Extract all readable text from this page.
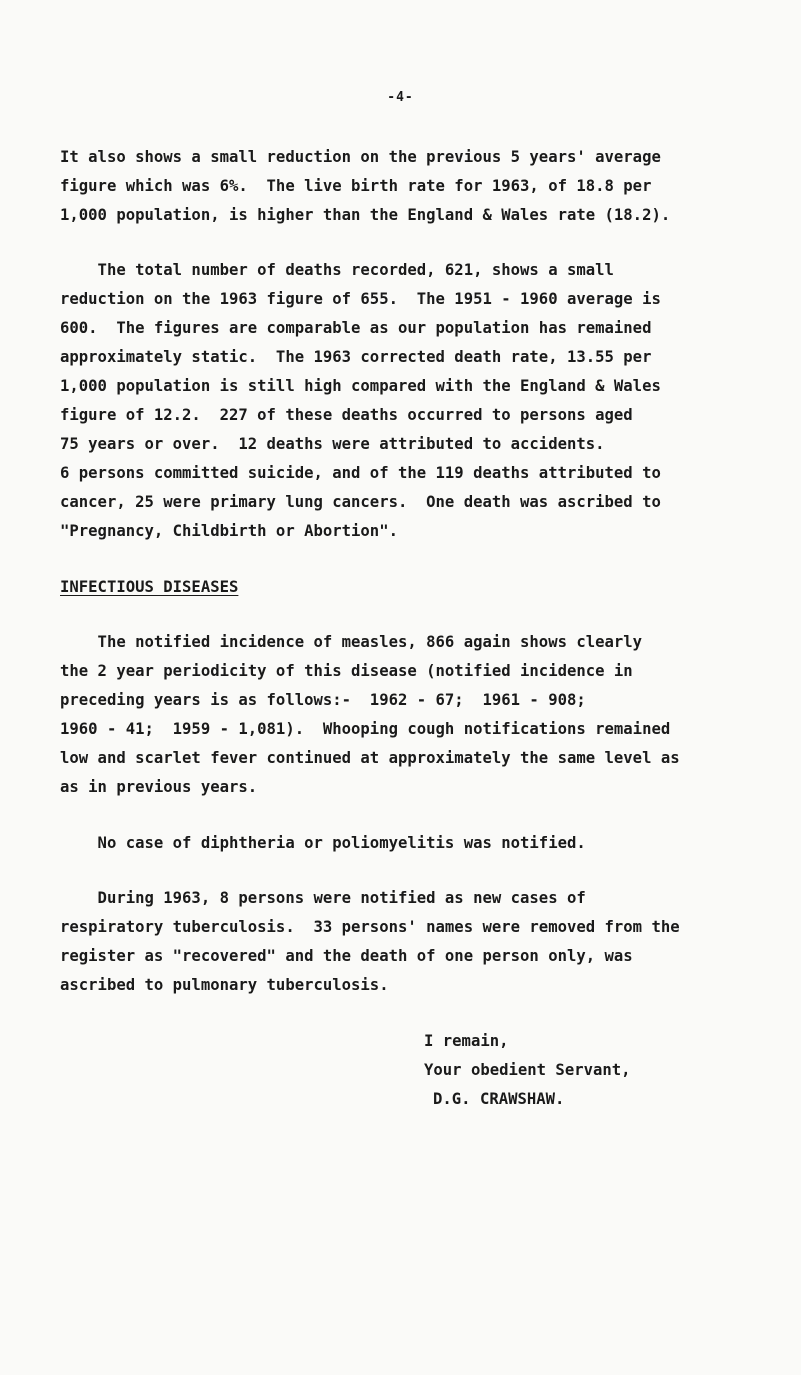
-4-
It also shows a small reduction on the previous 5 years' average
figure which was 6%.  The live birth rate for 1963, of 18.8 per
1,000 population, is higher than the England & Wales rate (18.2).
The total number of deaths recorded, 621, shows a small
reduction on the 1963 figure of 655.  The 1951 - 1960 average is
600.  The figures are comparable as our population has remained
approximately static.  The 1963 corrected death rate, 13.55 per
1,000 population is still high compared with the England & Wales
figure of 12.2.  227 of these deaths occurred to persons aged
75 years or over.  12 deaths were attributed to accidents.
6 persons committed suicide, and of the 119 deaths attributed to
cancer, 25 were primary lung cancers.  One death was ascribed to
"Pregnancy, Childbirth or Abortion".
INFECTIOUS DISEASES
The notified incidence of measles, 866 again shows clearly
the 2 year periodicity of this disease (notified incidence in
preceding years is as follows:-  1962 - 67;  1961 - 908;
1960 - 41;  1959 - 1,081).  Whooping cough notifications remained
low and scarlet fever continued at approximately the same level as
as in previous years.
No case of diphtheria or poliomyelitis was notified.
During 1963, 8 persons were notified as new cases of
respiratory tuberculosis.  33 persons' names were removed from the
register as "recovered" and the death of one person only, was
ascribed to pulmonary tuberculosis.
I remain,
Your obedient Servant,
D.G. CRAWSHAW.
